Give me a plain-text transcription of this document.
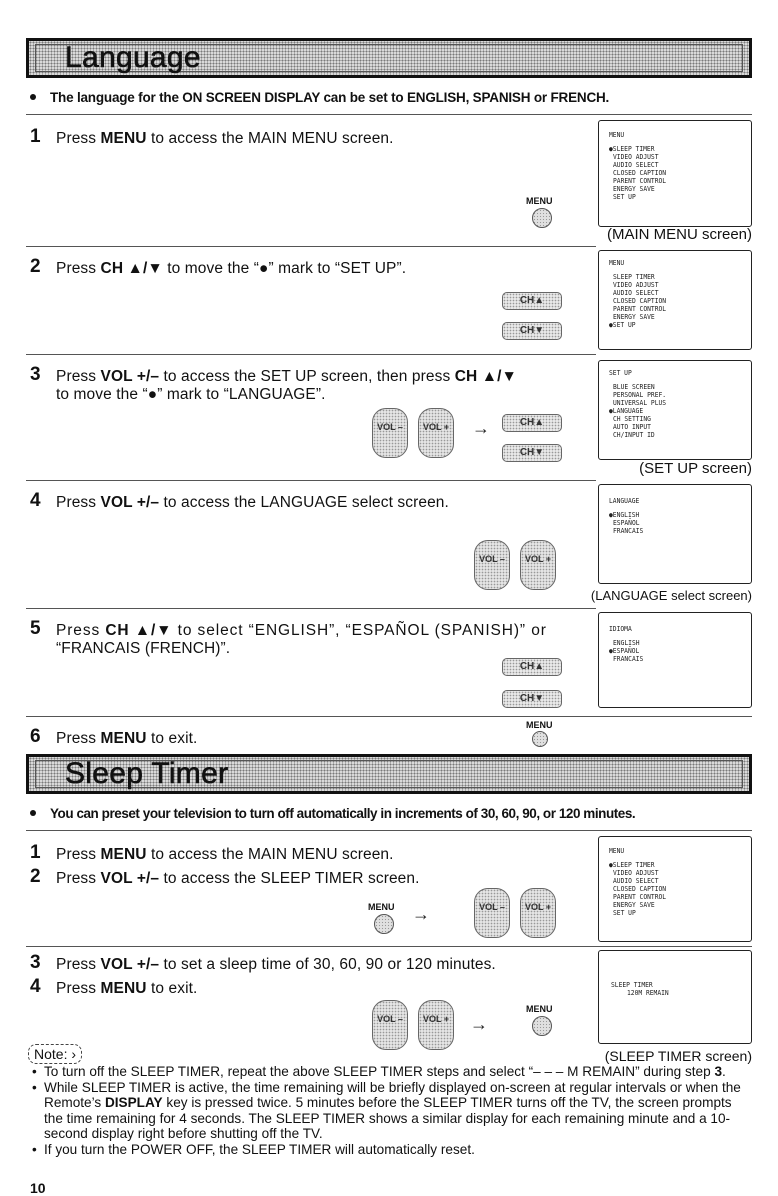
Language
The language for the ON SCREEN DISPLAY can be set to ENGLISH, SPANISH or FRENCH.
1 Press MENU to access the MAIN MENU screen.
MENU
MENU
●SLEEP TIMER
VIDEO ADJUST
AUDIO SELECT
CLOSED CAPTION
PARENT CONTROL
ENERGY SAVE
SET UP
(MAIN MENU screen)
2 Press CH ▲/▼ to move the “●” mark to “SET UP”.
CH▲
CH▼
MENU
SLEEP TIMER
VIDEO ADJUST
AUDIO SELECT
CLOSED CAPTION
PARENT CONTROL
ENERGY SAVE
●SET UP
3 Press VOL +/– to access the SET UP screen, then press CH ▲/▼
to move the “●” mark to “LANGUAGE”.
VOL –	VOL + →	CH▲
CH▼
SET UP
BLUE SCREEN
PERSONAL PREF.
UNIVERSAL PLUS
●LANGUAGE
CH SETTING
AUTO INPUT
CH/INPUT ID
(SET UP screen)
4 Press VOL +/– to access the LANGUAGE select screen.
VOL –	VOL +
LANGUAGE
●ENGLISH
ESPAÑOL
FRANCAIS
(LANGUAGE select screen)
5 Press CH ▲/▼ to select “ENGLISH”, “ESPAÑOL (SPANISH)” or
“FRANCAIS (FRENCH)”.
CH▲
CH▼
IDIOMA
ENGLISH
●ESPAÑOL
FRANCAIS
6 Press MENU to exit.
MENU
Sleep Timer
You can preset your television to turn off automatically in increments of 30, 60, 90, or 120 minutes.
1 Press MENU to access the MAIN MENU screen.
2 Press VOL +/– to access the SLEEP TIMER screen.
MENU →	VOL –	VOL +
MENU
●SLEEP TIMER
VIDEO ADJUST
AUDIO SELECT
CLOSED CAPTION
PARENT CONTROL
ENERGY SAVE
SET UP
3 Press VOL +/– to set a sleep time of 30, 60, 90 or 120 minutes.
4 Press MENU to exit.
VOL –	VOL + →
MENU
SLEEP TIMER
120M REMAIN
Note: ›	(SLEEP TIMER screen)
• To turn off the SLEEP TIMER, repeat the above SLEEP TIMER steps and select “– – – M REMAIN” during step 3.
• While SLEEP TIMER is active, the time remaining will be briefly displayed on-screen at regular intervals or when the Remote’s DISPLAY key is pressed twice. 5 minutes before the SLEEP TIMER turns off the TV, the screen prompts the time remaining for 4 seconds. The SLEEP TIMER shows a similar display for each remaining minute and a 10-second display right before shutting off the TV.
• If you turn the POWER OFF, the SLEEP TIMER will automatically reset.
10
